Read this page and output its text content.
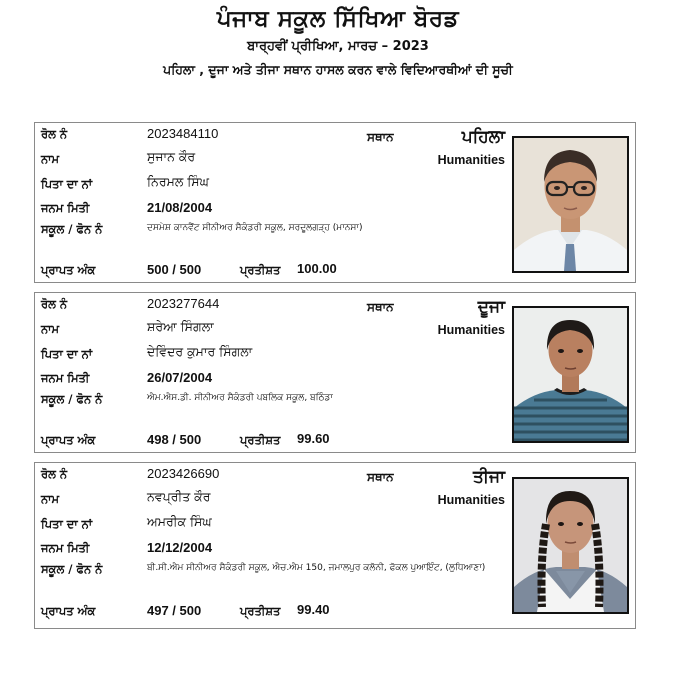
ਪੰਜਾਬ ਸਕੂਲ ਸਿੱਖਿਆ ਬੋਰਡ
ਬਾਰ੍ਹਵੀਂ ਪ੍ਰੀਖਿਆ, ਮਾਰਚ – 2023
ਪਹਿਲਾ , ਦੂਜਾ ਅਤੇ ਤੀਜਾ ਸਥਾਨ ਹਾਸਲ ਕਰਨ ਵਾਲੇ ਵਿਦਿਆਰਥੀਆਂ ਦੀ ਸੂਚੀ
ਰੋਲ ਨੰ	2023484110
ਨਾਮ	ਸੁਜਾਨ ਕੌਰ
ਪਿਤਾ ਦਾ ਨਾਂ	ਨਿਰਮਲ ਸਿੰਘ
ਜਨਮ ਮਿਤੀ	21/08/2004
ਸਕੂਲ / ਫੋਨ ਨੰ	ਦਸਮੇਸ਼ ਕਾਨਵੈਂਟ ਸੀਨੀਅਰ ਸੈਕੰਡਰੀ ਸਕੂਲ, ਸਰਦੂਲਗੜ੍ਹ (ਮਾਨਸਾ)
ਪ੍ਰਾਪਤ ਅੰਕ	500 / 500	ਪ੍ਰਤੀਸ਼ਤ 100.00
ਸਥਾਨ	ਪਹਿਲਾ
Humanities
ਰੋਲ ਨੰ	2023277644
ਨਾਮ	ਸ਼ਰੇਆ ਸਿੰਗਲਾ
ਪਿਤਾ ਦਾ ਨਾਂ	ਦੇਵਿੰਦਰ ਕੁਮਾਰ ਸਿੰਗਲਾ
ਜਨਮ ਮਿਤੀ	26/07/2004
ਸਕੂਲ / ਫੋਨ ਨੰ	ਐਮ.ਐਸ.ਡੀ. ਸੀਨੀਅਰ ਸੈਕੰਡਰੀ ਪਬਲਿਕ ਸਕੂਲ, ਬਠਿੰਡਾ
ਪ੍ਰਾਪਤ ਅੰਕ	498 / 500	ਪ੍ਰਤੀਸ਼ਤ 99.60
ਸਥਾਨ	ਦੂਜਾ
Humanities
ਰੋਲ ਨੰ	2023426690
ਨਾਮ	ਨਵਪ੍ਰੀਤ ਕੌਰ
ਪਿਤਾ ਦਾ ਨਾਂ	ਅਮਰੀਕ ਸਿੰਘ
ਜਨਮ ਮਿਤੀ	12/12/2004
ਸਕੂਲ / ਫੋਨ ਨੰ	ਬੀ.ਸੀ.ਐਮ ਸੀਨੀਅਰ ਸੈਕੰਡਰੀ ਸਕੂਲ, ਐਚ.ਐਮ 150, ਜਮਾਲਪੁਰ ਕਲੋਨੀ, ਫੋਕਲ ਪੁਆਇੰਟ, (ਲੁਧਿਆਣਾ)
ਪ੍ਰਾਪਤ ਅੰਕ	497 / 500	ਪ੍ਰਤੀਸ਼ਤ 99.40
ਸਥਾਨ	ਤੀਜਾ
Humanities
